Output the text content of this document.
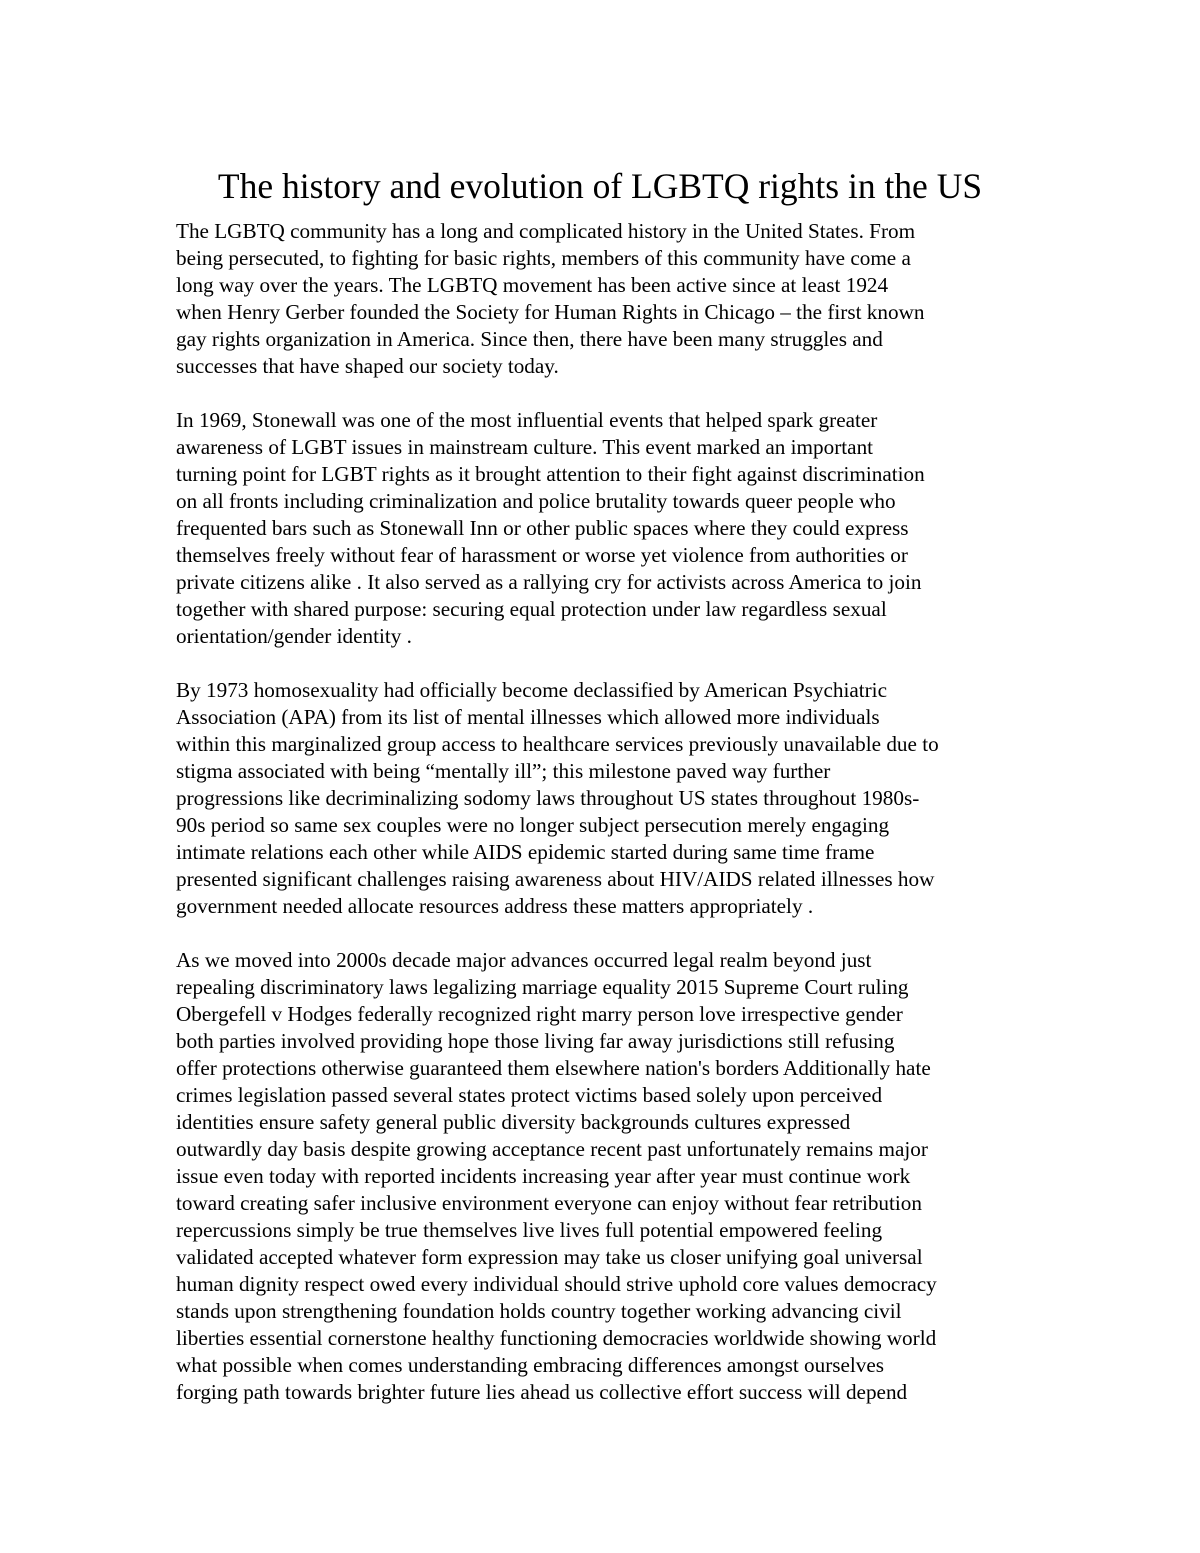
The history and evolution of LGBTQ rights in the US
The LGBTQ community has a long and complicated history in the United States. From
being persecuted, to fighting for basic rights, members of this community have come a
long way over the years. The LGBTQ movement has been active since at least 1924
when Henry Gerber founded the Society for Human Rights in Chicago – the first known
gay rights organization in America. Since then, there have been many struggles and
successes that have shaped our society today.
In 1969, Stonewall was one of the most influential events that helped spark greater
awareness of LGBT issues in mainstream culture. This event marked an important
turning point for LGBT rights as it brought attention to their fight against discrimination
on all fronts including criminalization and police brutality towards queer people who
frequented bars such as Stonewall Inn or other public spaces where they could express
themselves freely without fear of harassment or worse yet violence from authorities or
private citizens alike . It also served as a rallying cry for activists across America to join
together with shared purpose: securing equal protection under law regardless sexual
orientation/gender identity .
By 1973 homosexuality had officially become declassified by American Psychiatric
Association (APA) from its list of mental illnesses which allowed more individuals
within this marginalized group access to healthcare services previously unavailable due to
stigma associated with being “mentally ill”; this milestone paved way further
progressions like decriminalizing sodomy laws throughout US states throughout 1980s-
90s period so same sex couples were no longer subject persecution merely engaging
intimate relations each other while AIDS epidemic started during same time frame
presented significant challenges raising awareness about HIV/AIDS related illnesses how
government needed allocate resources address these matters appropriately .
As we moved into 2000s decade major advances occurred legal realm beyond just
repealing discriminatory laws legalizing marriage equality 2015 Supreme Court ruling
Obergefell v Hodges federally recognized right marry person love irrespective gender
both parties involved providing hope those living far away jurisdictions still refusing
offer protections otherwise guaranteed them elsewhere nation's borders Additionally hate
crimes legislation passed several states protect victims based solely upon perceived
identities ensure safety general public diversity backgrounds cultures expressed
outwardly day basis despite growing acceptance recent past unfortunately remains major
issue even today with reported incidents increasing year after year must continue work
toward creating safer inclusive environment everyone can enjoy without fear retribution
repercussions simply be true themselves live lives full potential empowered feeling
validated accepted whatever form expression may take us closer unifying goal universal
human dignity respect owed every individual should strive uphold core values democracy
stands upon strengthening foundation holds country together working advancing civil
liberties essential cornerstone healthy functioning democracies worldwide showing world
what possible when comes understanding embracing differences amongst ourselves
forging path towards brighter future lies ahead us collective effort success will depend
